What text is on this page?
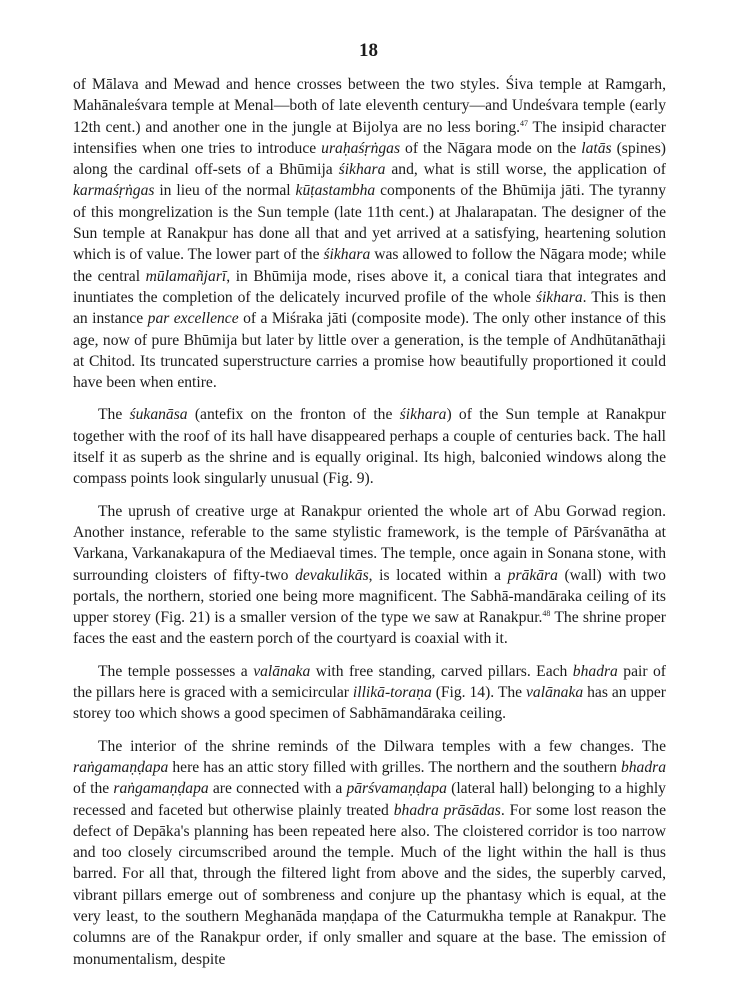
18

of Mālava and Mewad and hence crosses between the two styles. Śiva temple at Ramgarh, Mahānaleśvara temple at Menal—both of late eleventh century—and Undeśvara temple (early 12th cent.) and another one in the jungle at Bijolya are no less boring.$^{47}$ The insipid character intensifies when one tries to introduce uraḥaśṛṅgas of the Nāgara mode on the latās (spines) along the cardinal off-sets of a Bhūmija śikhara and, what is still worse, the application of karmaśṛṅgas in lieu of the normal kūṭastambha components of the Bhūmija jāti. The tyranny of this mongrelization is the Sun temple (late 11th cent.) at Jhalarapatan. The designer of the Sun temple at Ranakpur has done all that and yet arrived at a satisfying, heartening solution which is of value. The lower part of the śikhara was allowed to follow the Nāgara mode; while the central mūlamañjarī, in Bhūmija mode, rises above it, a conical tiara that integrates and inuntiates the completion of the delicately incurved profile of the whole śikhara. This is then an instance par excellence of a Miśraka jāti (composite mode). The only other instance of this age, now of pure Bhūmija but later by little over a generation, is the temple of Andhūtanāthaji at Chitod. Its truncated superstructure carries a promise how beautifully proportioned it could have been when entire.

The śukanāsa (antefix on the fronton of the śikhara) of the Sun temple at Ranakpur together with the roof of its hall have disappeared perhaps a couple of centuries back. The hall itself it as superb as the shrine and is equally original. Its high, balconied windows along the compass points look singularly unusual (Fig. 9).

The uprush of creative urge at Ranakpur oriented the whole art of Abu Gorwad region. Another instance, referable to the same stylistic framework, is the temple of Pārśvanātha at Varkana, Varkanakapura of the Mediaeval times. The temple, once again in Sonana stone, with surrounding cloisters of fifty-two devakulikās, is located within a prākāra (wall) with two portals, the northern, storied one being more magnificent. The Sabhā-mandāraka ceiling of its upper storey (Fig. 21) is a smaller version of the type we saw at Ranakpur.$^{48}$ The shrine proper faces the east and the eastern porch of the courtyard is coaxial with it.

The temple possesses a valānaka with free standing, carved pillars. Each bhadra pair of the pillars here is graced with a semicircular illikā-toraṇa (Fig. 14). The valānaka has an upper storey too which shows a good specimen of Sabhāmandāraka ceiling.

The interior of the shrine reminds of the Dilwara temples with a few changes. The raṅgamaṇḍapa here has an attic story filled with grilles. The northern and the southern bhadra of the raṅgamaṇḍapa are connected with a pārśvamaṇḍapa (lateral hall) belonging to a highly recessed and faceted but otherwise plainly treated bhadra prāsādas. For some lost reason the defect of Depāka's planning has been repeated here also. The cloistered corridor is too narrow and too closely circumscribed around the temple. Much of the light within the hall is thus barred. For all that, through the filtered light from above and the sides, the superbly carved, vibrant pillars emerge out of sombreness and conjure up the phantasy which is equal, at the very least, to the southern Meghanāda maṇḍapa of the Caturmukha temple at Ranakpur. The columns are of the Ranakpur order, if only smaller and square at the base. The emission of monumentalism, despite
